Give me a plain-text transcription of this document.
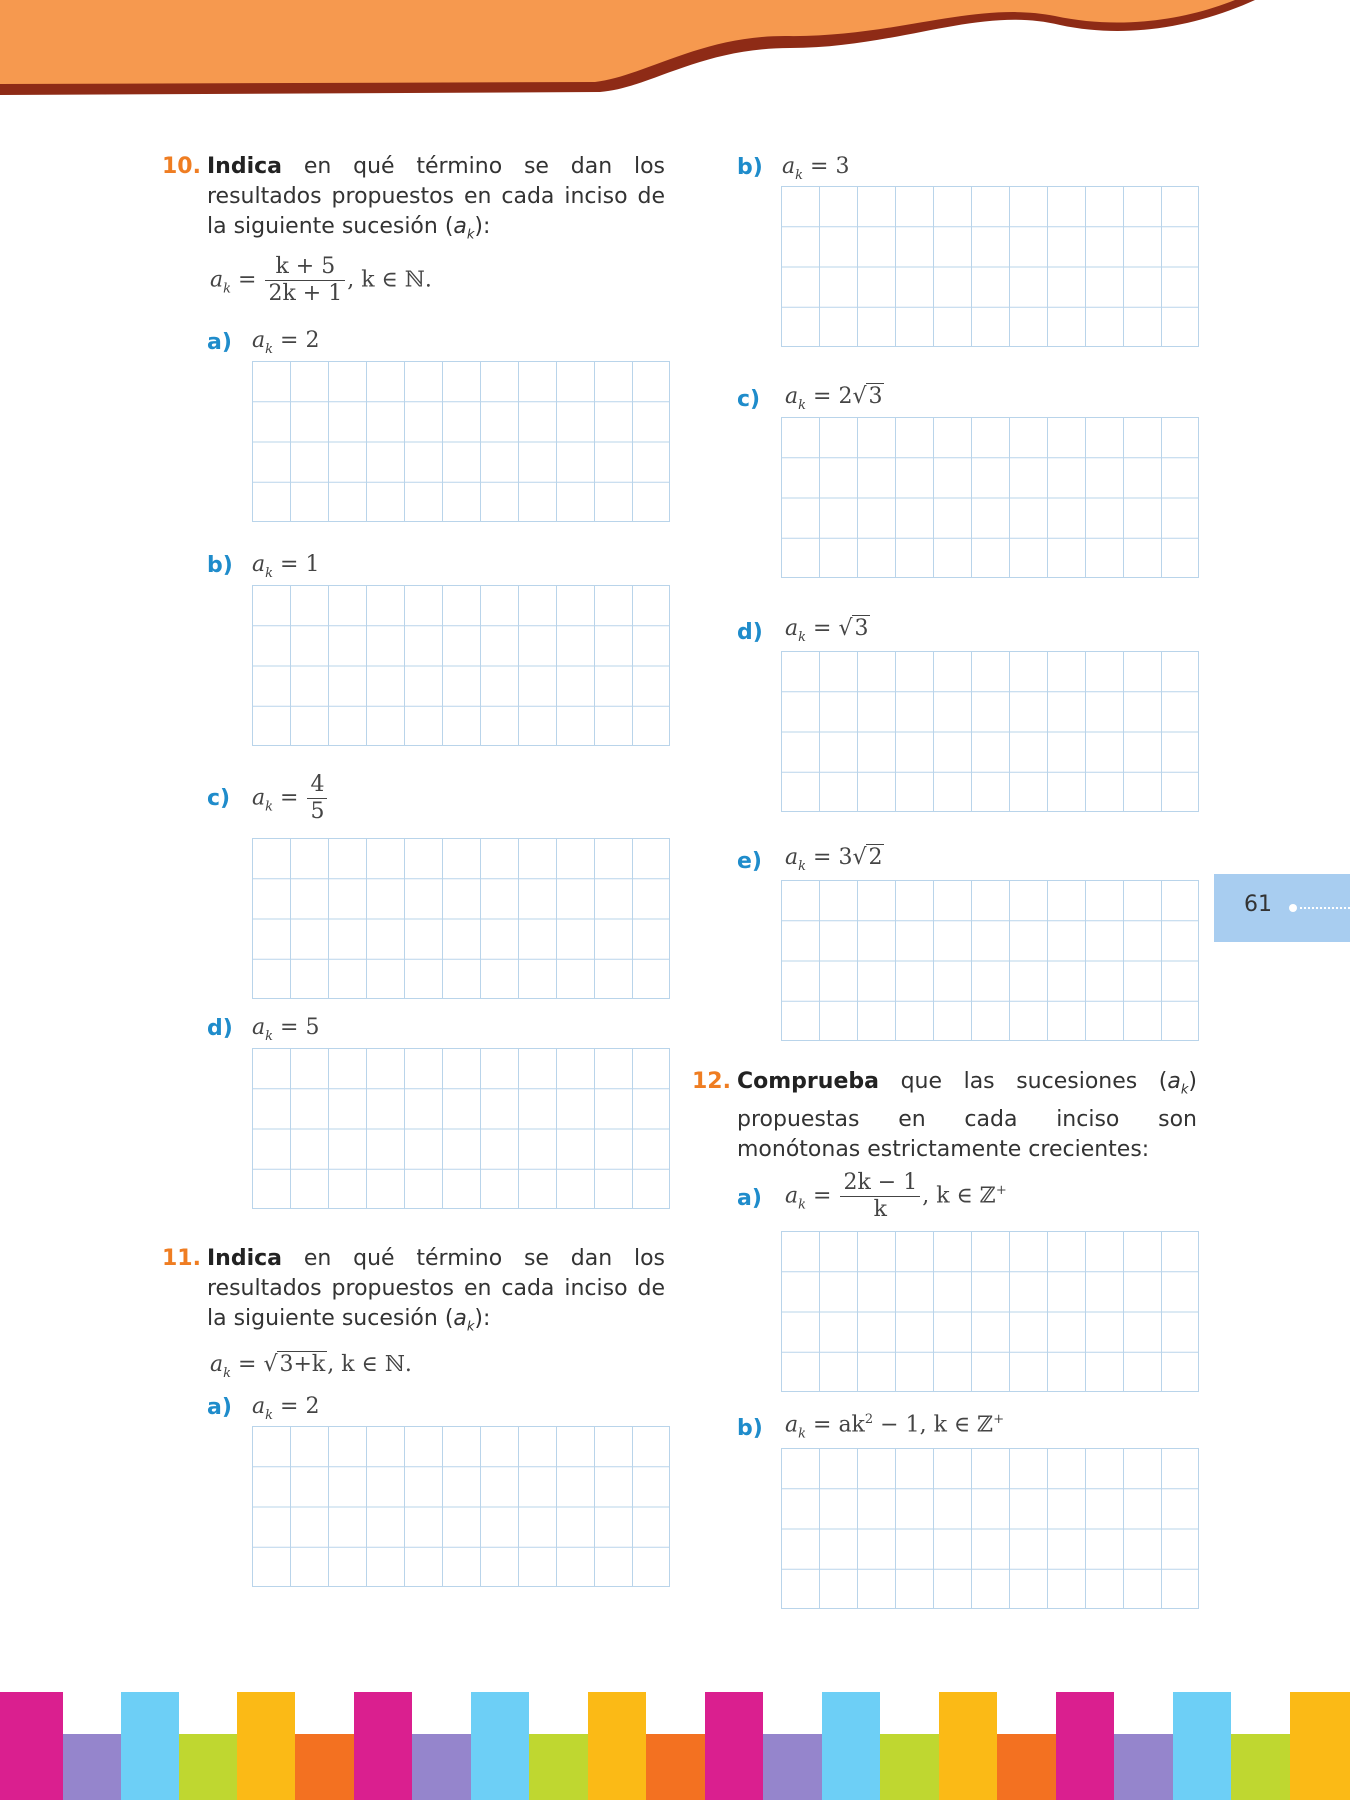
10. Indica en qué término se dan los resultados propuestos en cada inciso de la siguiente sucesión $(a_k)$:
$a_k = \frac{k + 5}{2k + 1}$ , k ∈ ℕ.
a) $a_k = 2$
b) $a_k = 1$
c) $a_k = \frac{4}{5}$
d) $a_k = 5$
11. Indica en qué término se dan los resultados propuestos en cada inciso de la siguiente sucesión $(a_k)$:
$a_k = √3+k$, k ∈ ℕ.
a) $a_k = 2$
b) $a_k = 3$
c) $a_k = 2√3$
d) $a_k = √3$
e) $a_k = 3√2$
12. Comprueba que las sucesiones $(a_k)$ propuestas en cada inciso son monótonas estrictamente crecientes:
a) $a_k = \frac{2k - 1}{k}$ , k ∈ ℤ+
b) $a_k = ak^2 - 1$, k ∈ ℤ+
61
